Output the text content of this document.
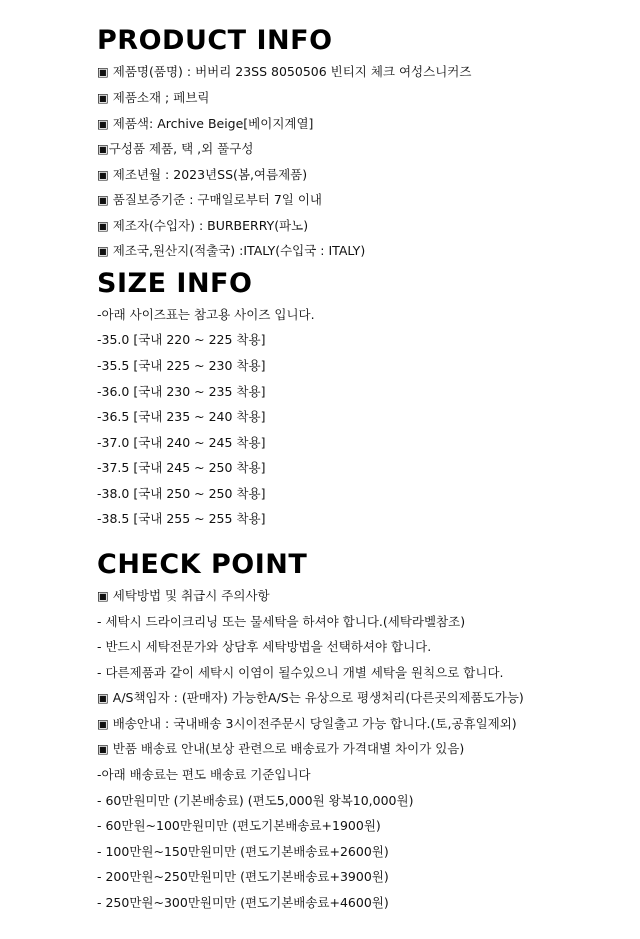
PRODUCT INFO
▣ 제품명(품명) : 버버리 23SS 8050506 빈티지 체크 여성스니커즈
▣ 제품소재 ; 페브릭
▣ 제품색: Archive Beige[베이지계열]
▣구성품 제품, 택 ,외 풀구성
▣ 제조년월 : 2023년SS(봄,여름제품)
▣ 품질보증기준 : 구매일로부터 7일 이내
▣ 제조자(수입자) : BURBERRY(파노)
▣ 제조국,원산지(적출국) :ITALY(수입국 : ITALY)
SIZE INFO
-아래 사이즈표는 참고용 사이즈 입니다.
-35.0 [국내 220 ~ 225 착용]
-35.5 [국내 225 ~ 230 착용]
-36.0 [국내 230 ~ 235 착용]
-36.5 [국내 235 ~ 240 착용]
-37.0 [국내 240 ~ 245 착용]
-37.5 [국내 245 ~ 250 착용]
-38.0 [국내 250 ~ 250 착용]
-38.5 [국내 255 ~ 255 착용]
CHECK POINT
▣ 세탁방법 및 취급시 주의사항
- 세탁시 드라이크리닝 또는 물세탁을 하셔야 합니다.(세탁라벨참조)
- 반드시 세탁전문가와 상담후 세탁방법을 선택하셔야 합니다.
- 다른제품과 같이 세탁시 이염이 될수있으니 개별 세탁을 원칙으로 합니다.
▣ A/S책임자 : (판매자) 가능한A/S는 유상으로 평생처리(다른곳의제품도가능)
▣ 배송안내 : 국내배송 3시이전주문시 당일출고 가능 합니다.(토,공휴일제외)
▣ 반품 배송료 안내(보상 관련으로 배송료가 가격대별 차이가 있음)
-아래 배송료는 편도 배송료 기준입니다
- 60만원미만 (기본배송료) (편도5,000원 왕복10,000원)
- 60만원~100만원미만 (편도기본배송료+1900원)
- 100만원~150만원미만 (편도기본배송료+2600원)
- 200만원~250만원미만 (편도기본배송료+3900원)
- 250만원~300만원미만 (편도기본배송료+4600원)
